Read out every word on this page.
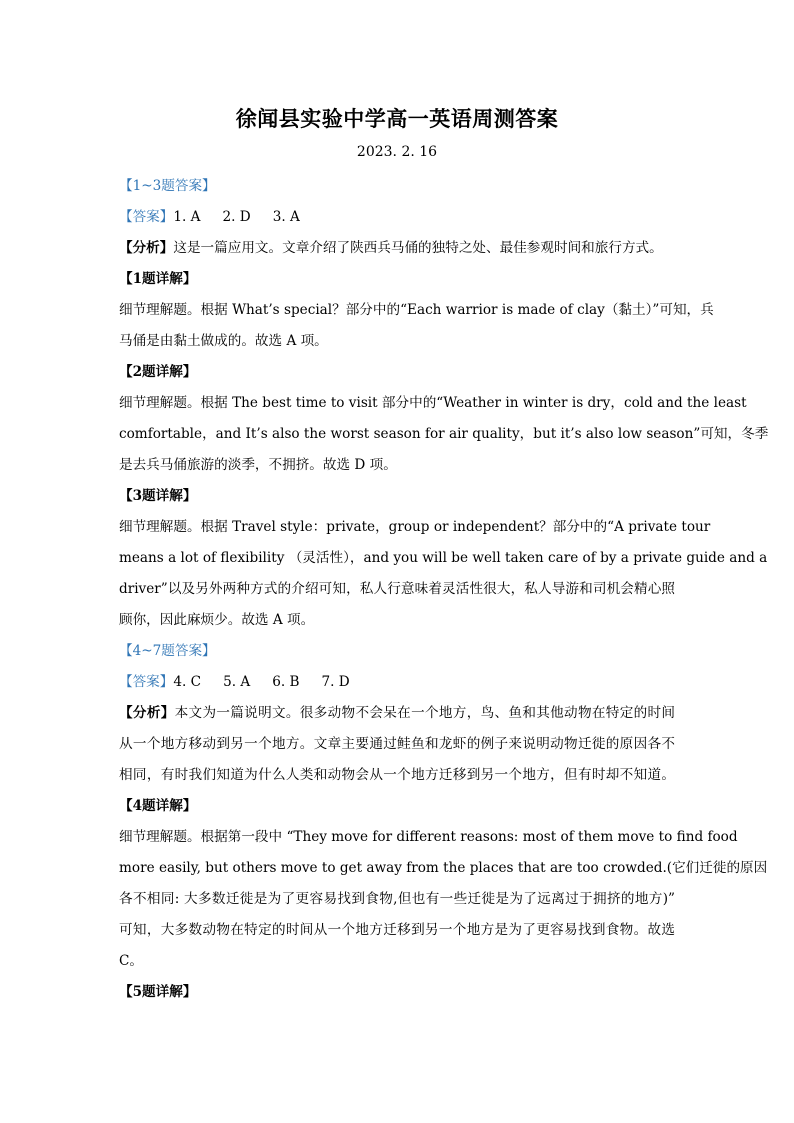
徐闻县实验中学高一英语周测答案
2023. 2. 16
【1~3题答案】
【答案】1. A 2. D 3. A
【分析】这是一篇应用文。文章介绍了陕西兵马俑的独特之处、最佳参观时间和旅行方式。
【1题详解】
细节理解题。根据 What’s special？部分中的“Each warrior is made of clay（黏土）”可知，兵
马俑是由黏土做成的。故选 A 项。
【2题详解】
细节理解题。根据 The best time to visit 部分中的“Weather in winter is dry，cold and the least
comfortable，and It’s also the worst season for air quality，but it’s also low season”可知，冬季
是去兵马俑旅游的淡季，不拥挤。故选 D 项。
【3题详解】
细节理解题。根据 Travel style：private，group or independent？部分中的“A private tour
means a lot of flexibility （灵活性），and you will be well taken care of by a private guide and a
driver”以及另外两种方式的介绍可知，私人行意味着灵活性很大，私人导游和司机会精心照
顾你，因此麻烦少。故选 A 项。
【4~7题答案】
【答案】4. C 5. A 6. B 7. D
【分析】本文为一篇说明文。很多动物不会呆在一个地方，鸟、鱼和其他动物在特定的时间
从一个地方移动到另一个地方。文章主要通过鲑鱼和龙虾的例子来说明动物迁徙的原因各不
相同，有时我们知道为什么人类和动物会从一个地方迁移到另一个地方，但有时却不知道。
【4题详解】
细节理解题。根据第一段中 “They move for different reasons: most of them move to find food
more easily, but others move to get away from the places that are too crowded.(它们迁徙的原因
各不相同: 大多数迁徙是为了更容易找到食物,但也有一些迁徙是为了远离过于拥挤的地方)”
可知，大多数动物在特定的时间从一个地方迁移到另一个地方是为了更容易找到食物。故选
C。
【5题详解】
